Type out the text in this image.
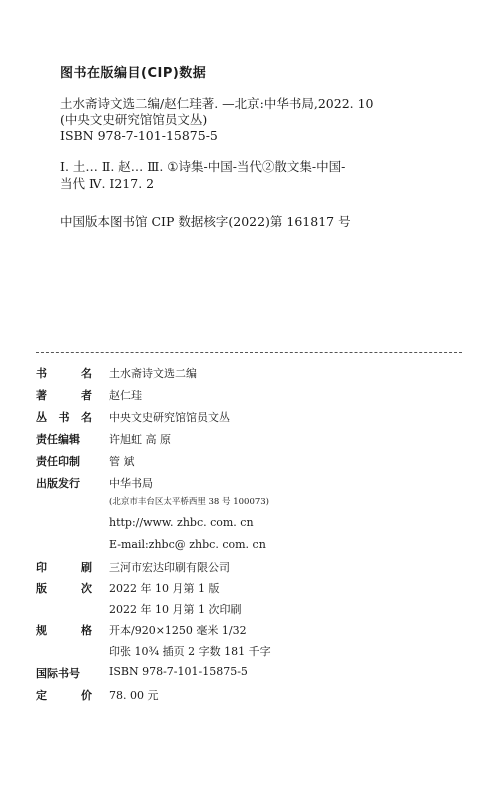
图书在版编目(CIP)数据
土水斋诗文选二编/赵仁珪著. —北京:中华书局,2022. 10
(中央文史研究馆馆员文丛)
ISBN 978-7-101-15875-5
Ⅰ. 土… Ⅱ. 赵… Ⅲ. ①诗集-中国-当代②散文集-中国-
当代 Ⅳ. I217. 2
中国版本图书馆 CIP 数据核字(2022)第 161817 号
书	名 土水斋诗文选二编
著	者 赵仁珪
丛 书 名 中央文史研究馆馆员文丛
责任编辑	许旭虹 高 原
责任印制	管 斌
出版发行	中华书局
(北京市丰台区太平桥西里 38 号 100073)
http://www. zhbc. com. cn
E-mail:zhbc@ zhbc. com. cn
印	刷 三河市宏达印刷有限公司
版	次 2022 年 10 月第 1 版
2022 年 10 月第 1 次印刷
规	格 开本/920×1250 毫米 1/32
印张 10¾ 插页 2 字数 181 千字
国际书号	ISBN 978-7-101-15875-5
定	价 78. 00 元
